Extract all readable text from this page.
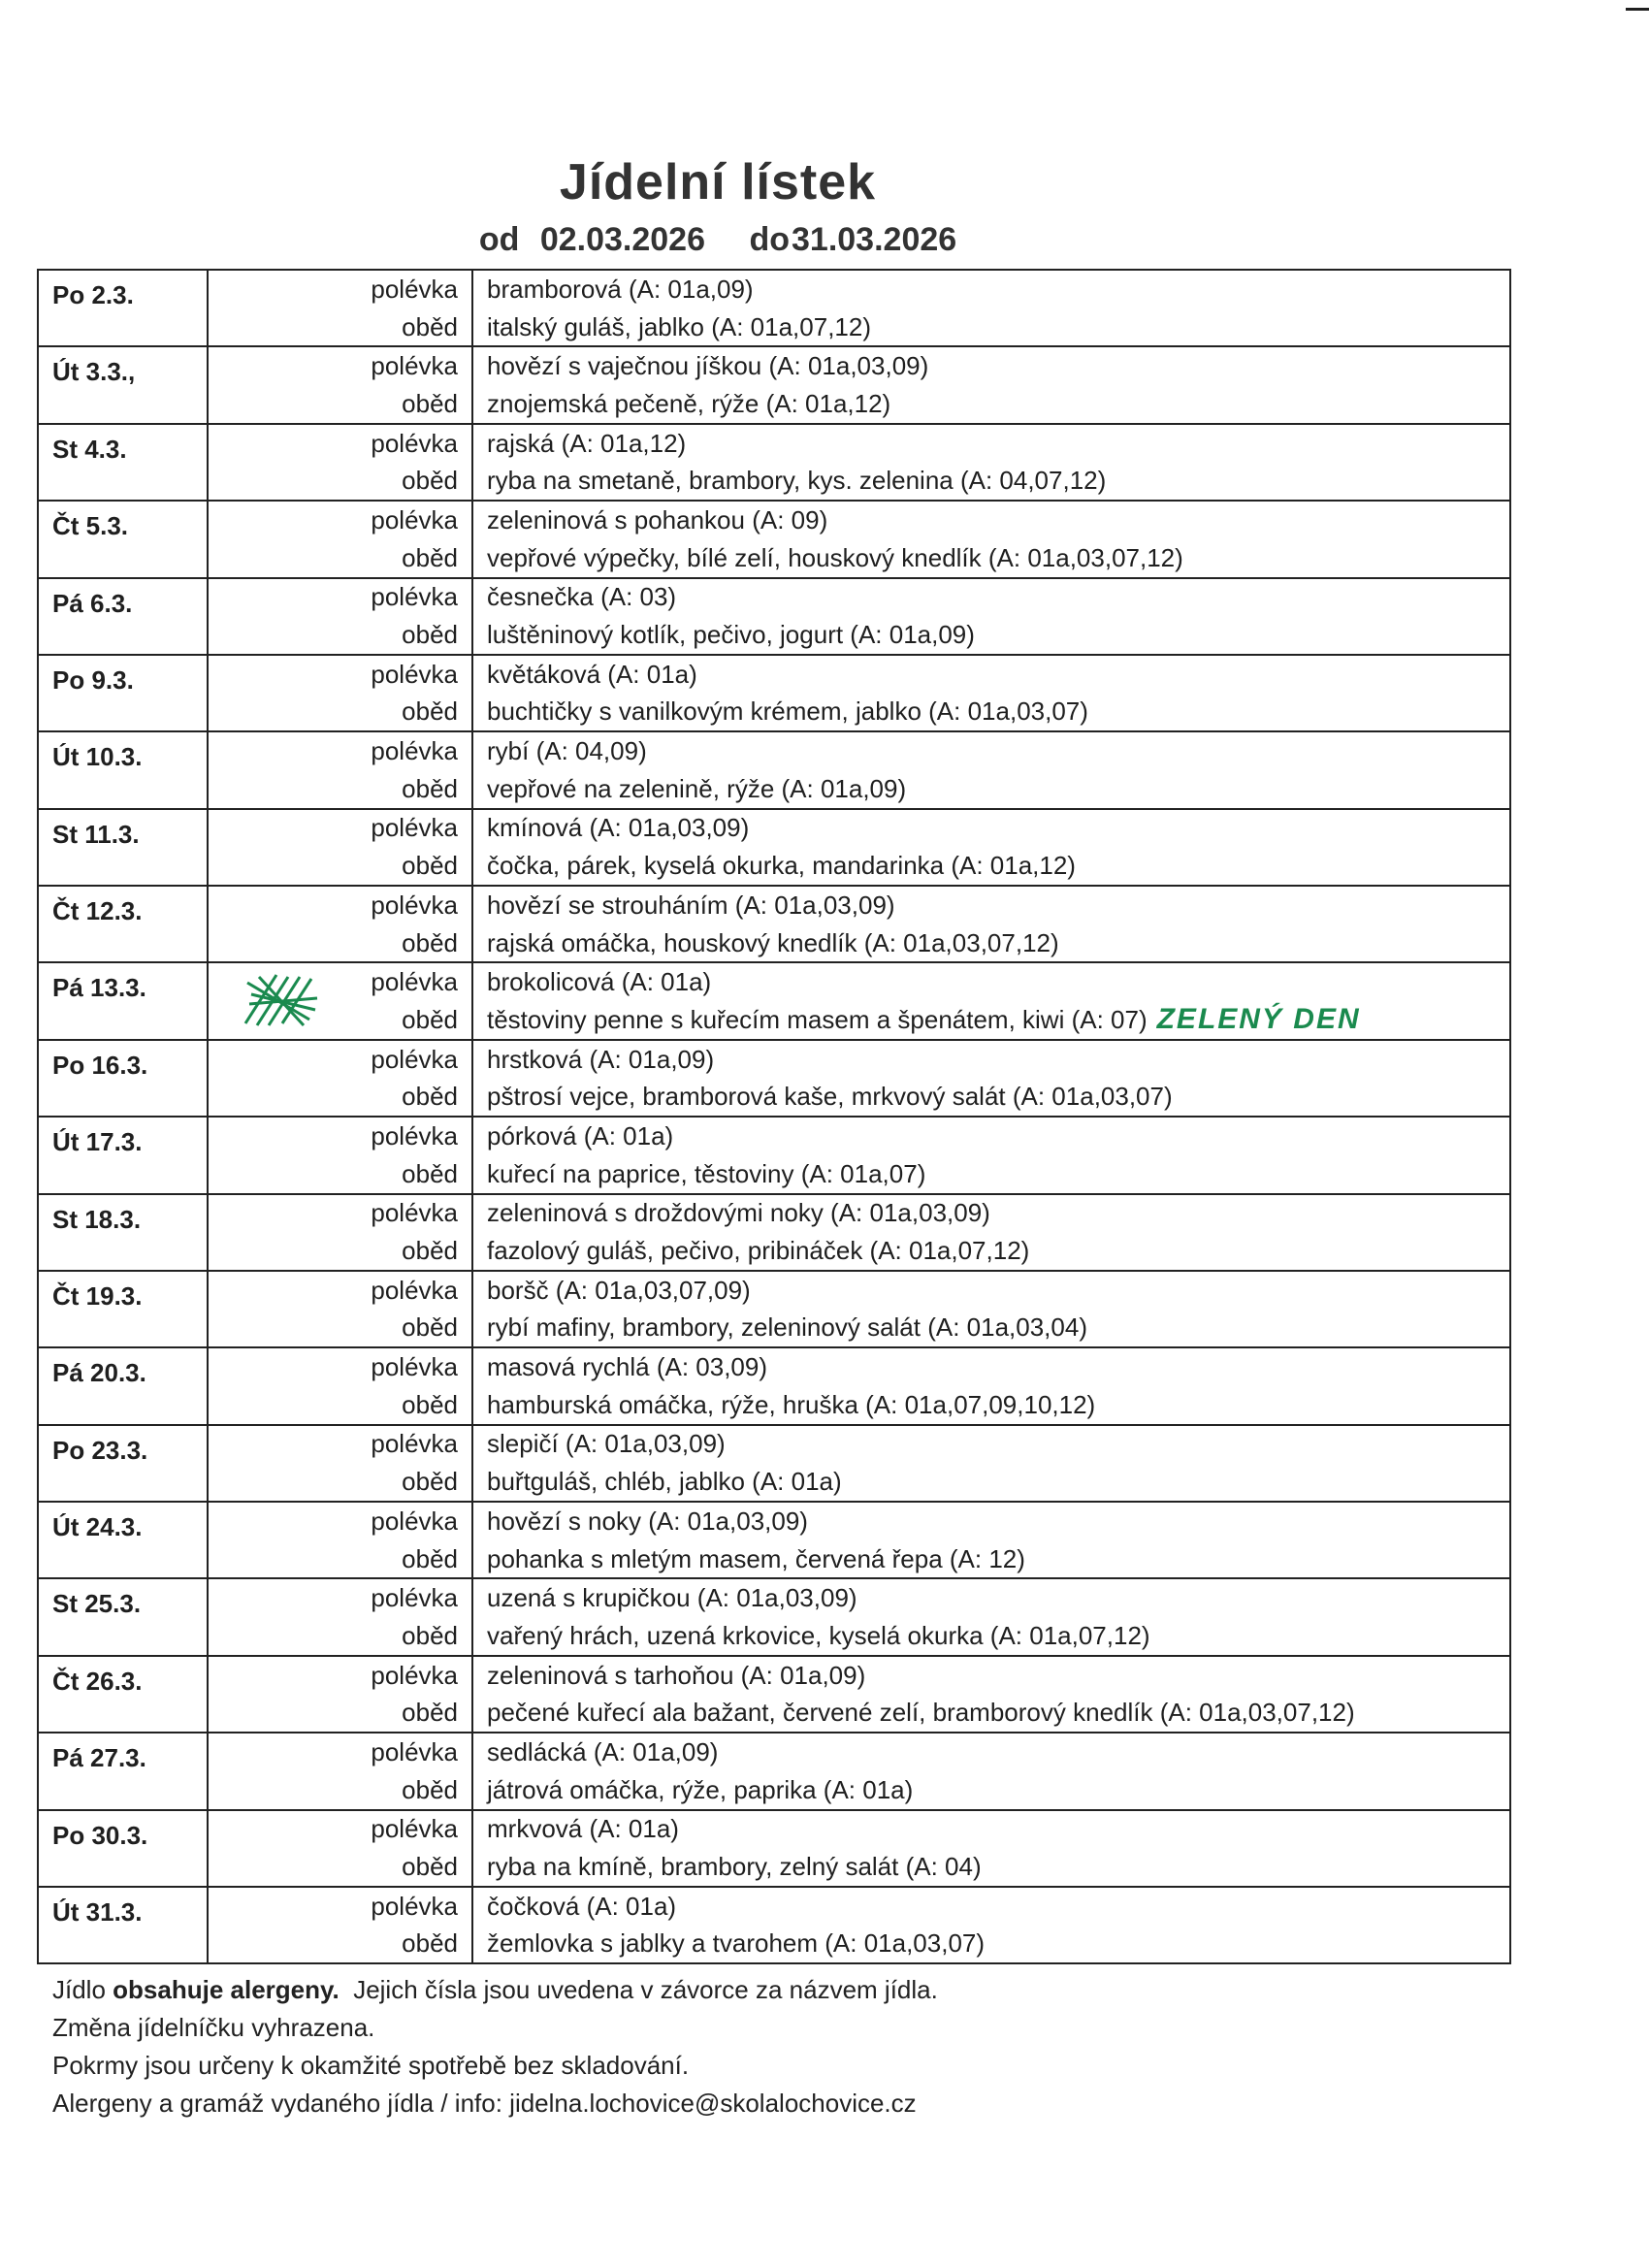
Jídelní lístek
od 02.03.2026 do31.03.2026
Po 2.3.		polévka	bramborová (A: 01a,09)
		oběd	italský guláš, jablko (A: 01a,07,12)
Út 3.3.,		polévka	hovězí s vaječnou jíškou (A: 01a,03,09)
		oběd	znojemská pečeně, rýže (A: 01a,12)
St 4.3.		polévka	rajská (A: 01a,12)
		oběd	ryba na smetaně, brambory, kys. zelenina (A: 04,07,12)
Čt 5.3.		polévka	zeleninová s pohankou (A: 09)
		oběd	vepřové výpečky, bílé zelí, houskový knedlík (A: 01a,03,07,12)
Pá 6.3.		polévka	česnečka (A: 03)
		oběd	luštěninový kotlík, pečivo, jogurt (A: 01a,09)
Po 9.3.		polévka	květáková (A: 01a)
		oběd	buchtičky s vanilkovým krémem, jablko (A: 01a,03,07)
Út 10.3.		polévka	rybí (A: 04,09)
		oběd	vepřové na zelenině, rýže (A: 01a,09)
St 11.3.		polévka	kmínová (A: 01a,03,09)
		oběd	čočka, párek, kyselá okurka, mandarinka (A: 01a,12)
Čt 12.3.		polévka	hovězí se strouháním (A: 01a,03,09)
		oběd	rajská omáčka, houskový knedlík (A: 01a,03,07,12)
Pá 13.3.		polévka	brokolicová (A: 01a)
		oběd	těstoviny penne s kuřecím masem a špenátem, kiwi (A: 07) ZELENÝ DEN
Po 16.3.		polévka	hrstková (A: 01a,09)
		oběd	pštrosí vejce, bramborová kaše, mrkvový salát (A: 01a,03,07)
Út 17.3.		polévka	pórková (A: 01a)
		oběd	kuřecí na paprice, těstoviny (A: 01a,07)
St 18.3.		polévka	zeleninová s droždovými noky (A: 01a,03,09)
		oběd	fazolový guláš, pečivo, pribináček (A: 01a,07,12)
Čt 19.3.		polévka	boršč (A: 01a,03,07,09)
		oběd	rybí mafiny, brambory, zeleninový salát (A: 01a,03,04)
Pá 20.3.		polévka	masová rychlá (A: 03,09)
		oběd	hamburská omáčka, rýže, hruška (A: 01a,07,09,10,12)
Po 23.3.		polévka	slepičí (A: 01a,03,09)
		oběd	buřtguláš, chléb, jablko (A: 01a)
Út 24.3.		polévka	hovězí s noky (A: 01a,03,09)
		oběd	pohanka s mletým masem, červená řepa (A: 12)
St 25.3.		polévka	uzená s krupičkou (A: 01a,03,09)
		oběd	vařený hrách, uzená krkovice, kyselá okurka (A: 01a,07,12)
Čt 26.3.		polévka	zeleninová s tarhoňou (A: 01a,09)
		oběd	pečené kuřecí ala bažant, červené zelí, bramborový knedlík (A: 01a,03,07,12)
Pá 27.3.		polévka	sedlácká (A: 01a,09)
		oběd	játrová omáčka, rýže, paprika (A: 01a)
Po 30.3.		polévka	mrkvová (A: 01a)
		oběd	ryba na kmíně, brambory, zelný salát (A: 04)
Út 31.3.		polévka	čočková (A: 01a)
		oběd	žemlovka s jablky a tvarohem (A: 01a,03,07)
Jídlo obsahuje alergeny.  Jejich čísla jsou uvedena v závorce za názvem jídla.
Změna jídelníčku vyhrazena.
Pokrmy jsou určeny k okamžité spotřebě bez skladování.
Alergeny a gramáž vydaného jídla / info: jidelna.lochovice@skolalochovice.cz
